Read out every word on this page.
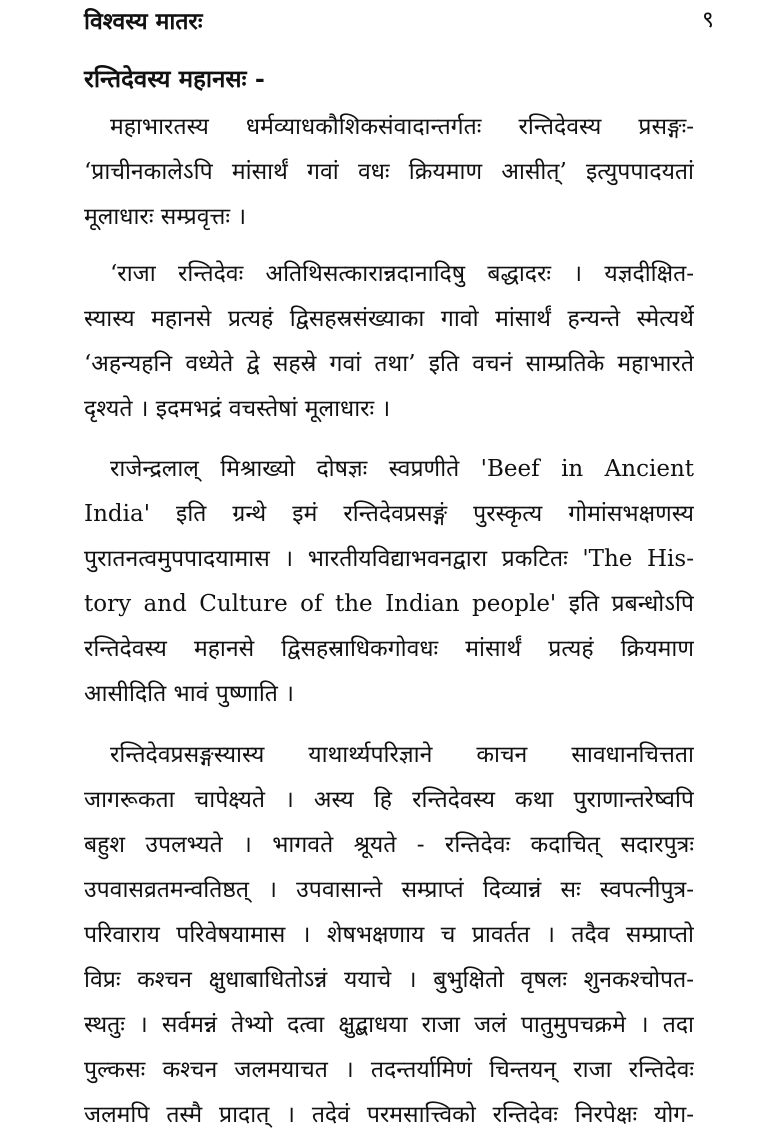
विश्वस्य मातरः	९
रन्तिदेवस्य महानसः -
महाभारतस्य धर्मव्याधकौशिकसंवादान्तर्गतः रन्तिदेवस्य प्रसङ्गः-
‘प्राचीनकालेऽपि मांसार्थं गवां वधः क्रियमाण आसीत्’ इत्युपपादयतां
मूलाधारः सम्प्रवृत्तः ।
‘राजा रन्तिदेवः अतिथिसत्कारान्नदानादिषु बद्धादरः । यज्ञदीक्षित-
स्यास्य महानसे प्रत्यहं द्विसहस्रसंख्याका गावो मांसार्थं हन्यन्ते स्मेत्यर्थे
‘अहन्यहनि वध्येते द्वे सहस्रे गवां तथा’ इति वचनं साम्प्रतिके महाभारते
दृश्यते । इदमभद्रं वचस्तेषां मूलाधारः ।
राजेन्द्रलाल् मिश्राख्यो दोषज्ञः स्वप्रणीते 'Beef in Ancient
India' इति ग्रन्थे इमं रन्तिदेवप्रसङ्गं पुरस्कृत्य गोमांसभक्षणस्य
पुरातनत्वमुपपादयामास । भारतीयविद्याभवनद्वारा प्रकटितः 'The His-
tory and Culture of the Indian people' इति प्रबन्धोऽपि
रन्तिदेवस्य महानसे द्विसहस्राधिकगोवधः मांसार्थं प्रत्यहं क्रियमाण
आसीदिति भावं पुष्णाति ।
रन्तिदेवप्रसङ्गस्यास्य याथार्थ्यपरिज्ञाने काचन सावधानचित्तता
जागरूकता चापेक्ष्यते । अस्य हि रन्तिदेवस्य कथा पुराणान्तरेष्वपि
बहुश उपलभ्यते । भागवते श्रूयते - रन्तिदेवः कदाचित् सदारपुत्रः
उपवासव्रतमन्वतिष्ठत् । उपवासान्ते सम्प्राप्तं दिव्यान्नं सः स्वपत्नीपुत्र-
परिवाराय परिवेषयामास । शेषभक्षणाय च प्रावर्तत । तदैव सम्प्राप्तो
विप्रः कश्चन क्षुधाबाधितोऽन्नं ययाचे । बुभुक्षितो वृषलः शुनकश्चोपत-
स्थतुः । सर्वमन्नं तेभ्यो दत्वा क्षुद्बाधया राजा जलं पातुमुपचक्रमे । तदा
पुल्कसः कश्चन जलमयाचत । तदन्तर्यामिणं चिन्तयन् राजा रन्तिदेवः
जलमपि तस्मै प्रादात् । तदेवं परमसात्त्विको रन्तिदेवः निरपेक्षः योग-
